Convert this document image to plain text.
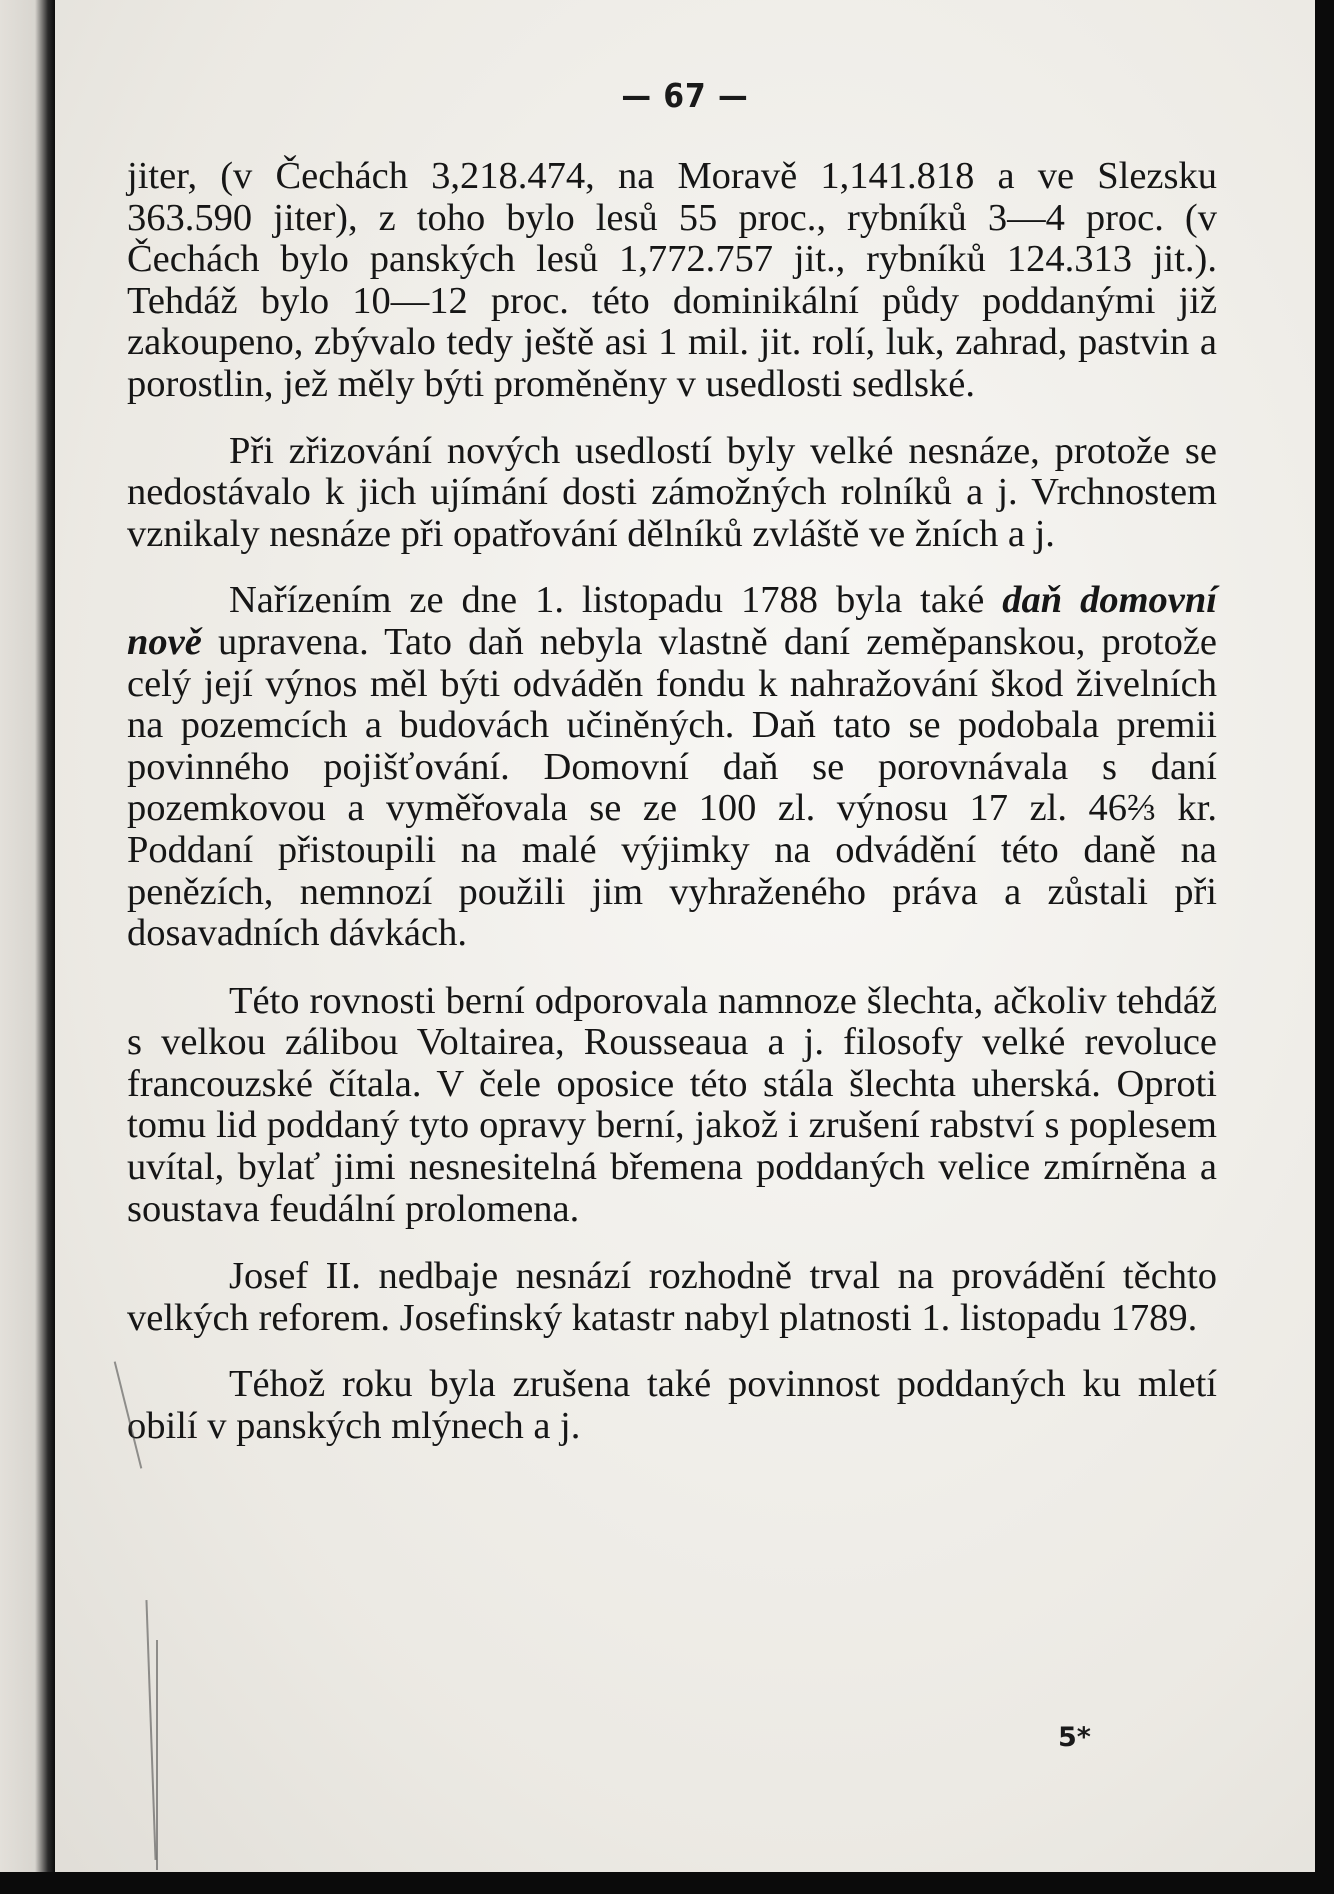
— 67 —

jiter, (v Čechách 3,218.474, na Moravě 1,141.818 a ve Slezsku 363.590 jiter), z toho bylo lesů 55 proc., rybníků 3—4 proc. (v Čechách bylo panských lesů 1,772.757 jit., rybníků 124.313 jit.). Tehdáž bylo 10—12 proc. této dominikální půdy poddanými již zakoupeno, zbývalo tedy ještě asi 1 mil. jit. rolí, luk, zahrad, pastvin a porostlin, jež měly býti proměněny v usedlosti sedlské.

Při zřizování nových usedlostí byly velké nesnáze, protože se nedostávalo k jich ujímání dosti zámožných rolníků a j. Vrchnostem vznikaly nesnáze při opatřování dělníků zvláště ve žních a j.

Nařízením ze dne 1. listopadu 1788 byla také daň domovní nově upravena. Tato daň nebyla vlastně daní zeměpanskou, protože celý její výnos měl býti odváděn fondu k nahražování škod živelních na pozemcích a budovách učiněných. Daň tato se podobala premii povinného pojišťování. Domovní daň se porovnávala s daní pozemkovou a vyměřovala se ze 100 zl. výnosu 17 zl. 46⅔ kr. Poddaní přistoupili na malé výjimky na odvádění této daně na penězích, nemnozí použili jim vyhraženého práva a zůstali při dosavadních dávkách.

Této rovnosti berní odporovala namnoze šlechta, ačkoliv tehdáž s velkou zálibou Voltairea, Rousseaua a j. filosofy velké revoluce francouzské čítala. V čele oposice této stála šlechta uherská. Oproti tomu lid poddaný tyto opravy berní, jakož i zrušení rabství s poplesem uvítal, bylať jimi nesnesitelná břemena poddaných velice zmírněna a soustava feudální prolomena.

Josef II. nedbaje nesnází rozhodně trval na provádění těchto velkých reforem. Josefinský katastr nabyl platnosti 1. listopadu 1789.

Téhož roku byla zrušena také povinnost poddaných ku mletí obilí v panských mlýnech a j.

5*
